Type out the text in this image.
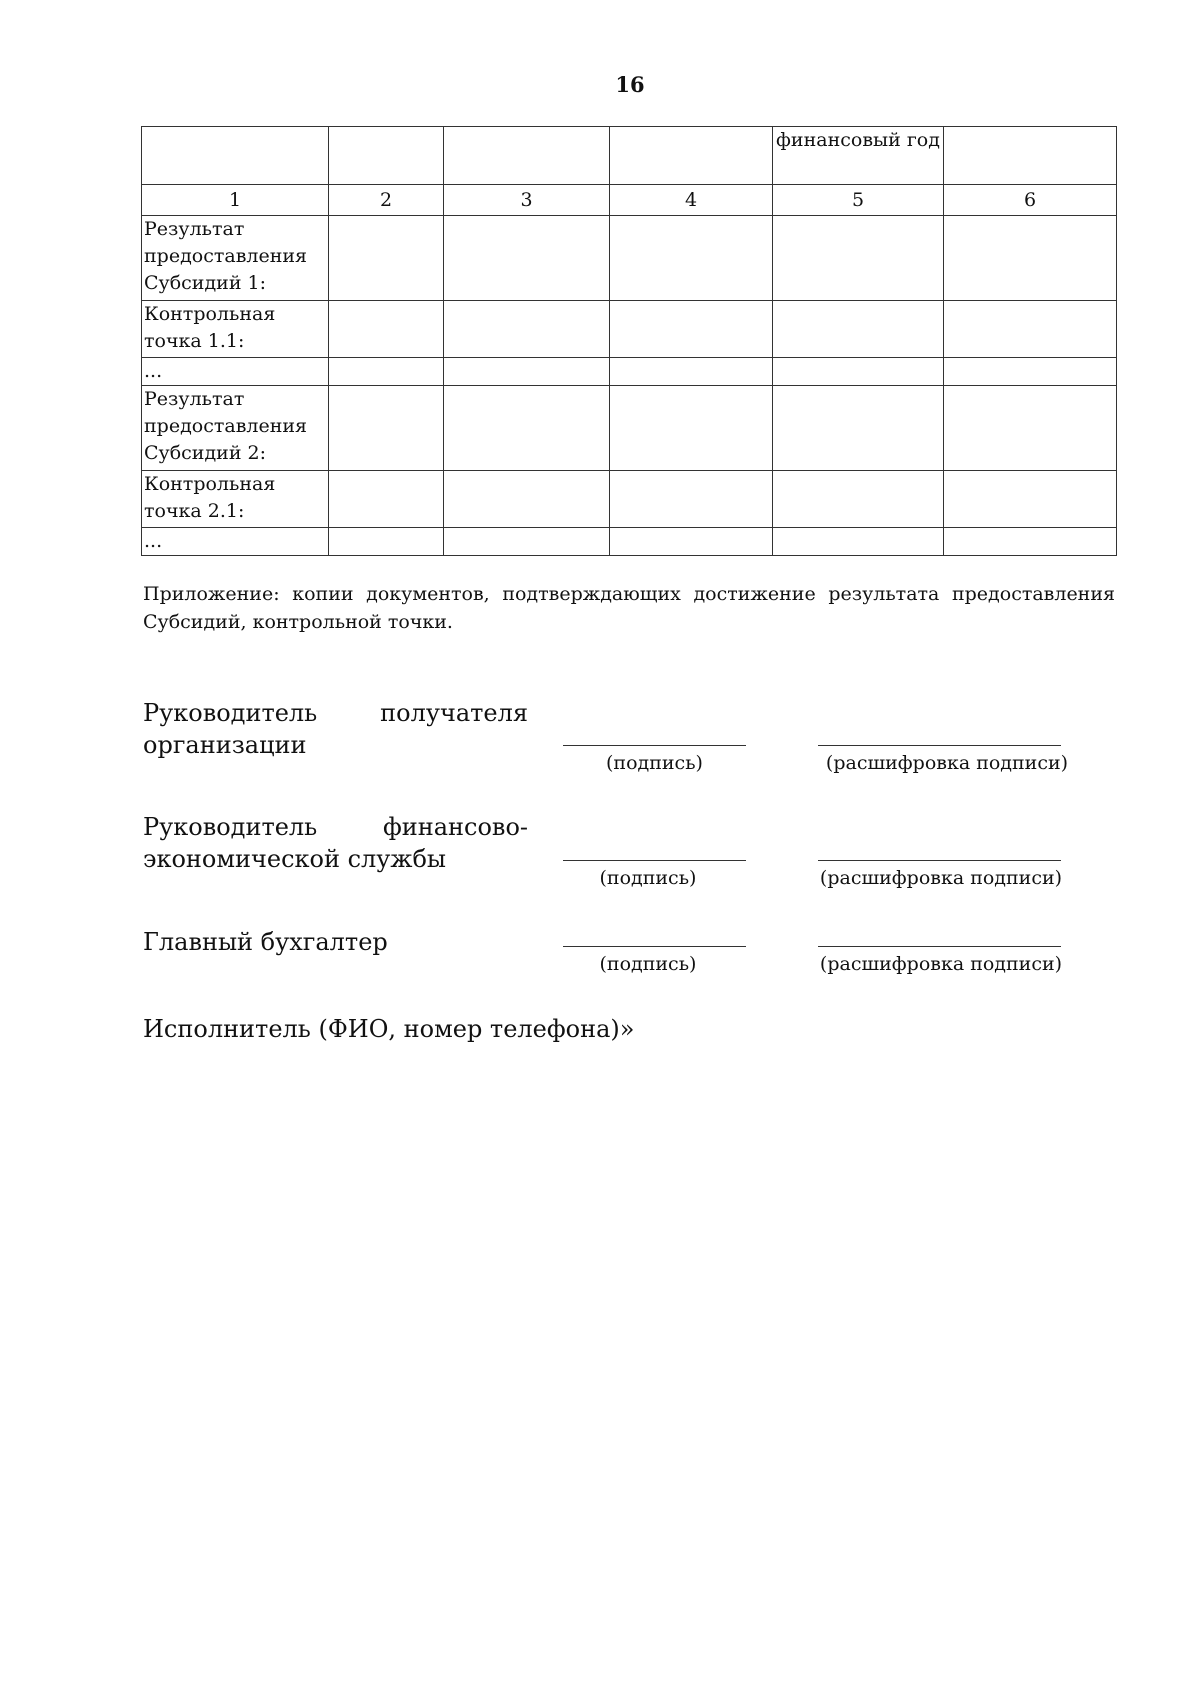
16
				финансовый год	
1	2	3	4	5	6
Результат предоставления Субсидий 1:					
Контрольная точка 1.1:					
...					
Результат предоставления Субсидий 2:					
Контрольная точка 2.1:					
...					
Приложение: копии документов, подтверждающих достижение результата предоставления Субсидий, контрольной точки.
Руководитель	получателя
организации
(подпись)	(расшифровка подписи)
Руководитель	финансово-
экономической службы
(подпись)	(расшифровка подписи)
Главный бухгалтер
(подпись)	(расшифровка подписи)
Исполнитель (ФИО, номер телефона)»
